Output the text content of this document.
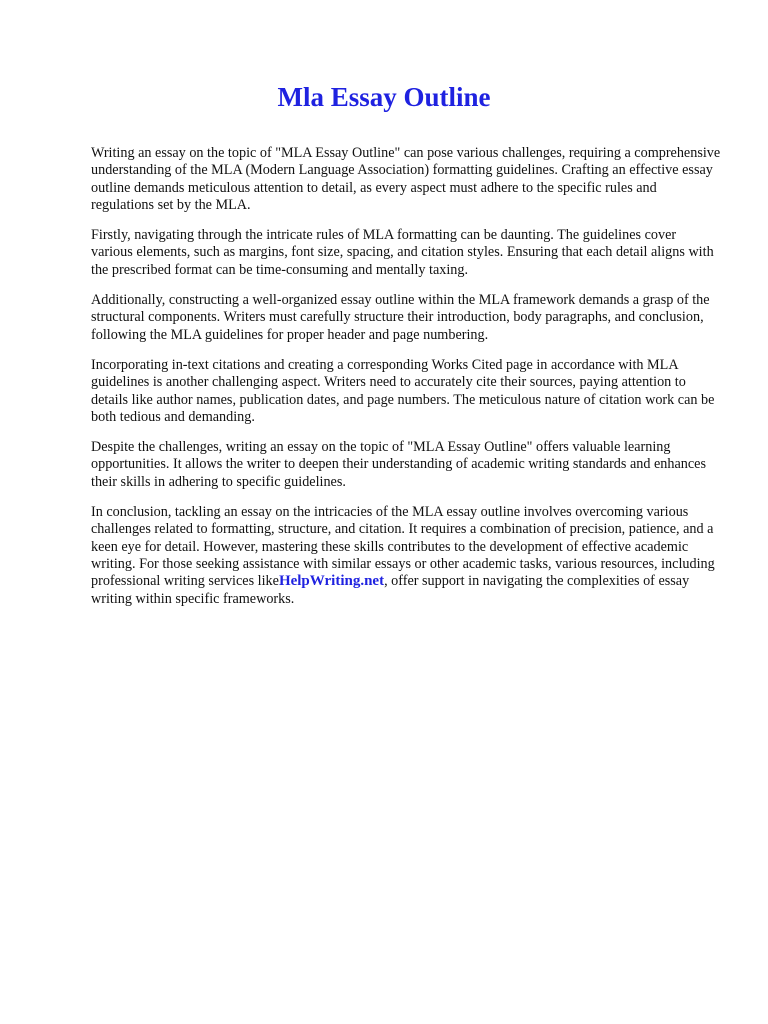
Mla Essay Outline

Writing an essay on the topic of "MLA Essay Outline" can pose various challenges, requiring a comprehensive understanding of the MLA (Modern Language Association) formatting guidelines. Crafting an effective essay outline demands meticulous attention to detail, as every aspect must adhere to the specific rules and regulations set by the MLA.

Firstly, navigating through the intricate rules of MLA formatting can be daunting. The guidelines cover various elements, such as margins, font size, spacing, and citation styles. Ensuring that each detail aligns with the prescribed format can be time-consuming and mentally taxing.

Additionally, constructing a well-organized essay outline within the MLA framework demands a grasp of the structural components. Writers must carefully structure their introduction, body paragraphs, and conclusion, following the MLA guidelines for proper header and page numbering.

Incorporating in-text citations and creating a corresponding Works Cited page in accordance with MLA guidelines is another challenging aspect. Writers need to accurately cite their sources, paying attention to details like author names, publication dates, and page numbers. The meticulous nature of citation work can be both tedious and demanding.

Despite the challenges, writing an essay on the topic of "MLA Essay Outline" offers valuable learning opportunities. It allows the writer to deepen their understanding of academic writing standards and enhances their skills in adhering to specific guidelines.

In conclusion, tackling an essay on the intricacies of the MLA essay outline involves overcoming various challenges related to formatting, structure, and citation. It requires a combination of precision, patience, and a keen eye for detail. However, mastering these skills contributes to the development of effective academic writing. For those seeking assistance with similar essays or other academic tasks, various resources, including professional writing services likeHelpWriting.net, offer support in navigating the complexities of essay writing within specific frameworks.
